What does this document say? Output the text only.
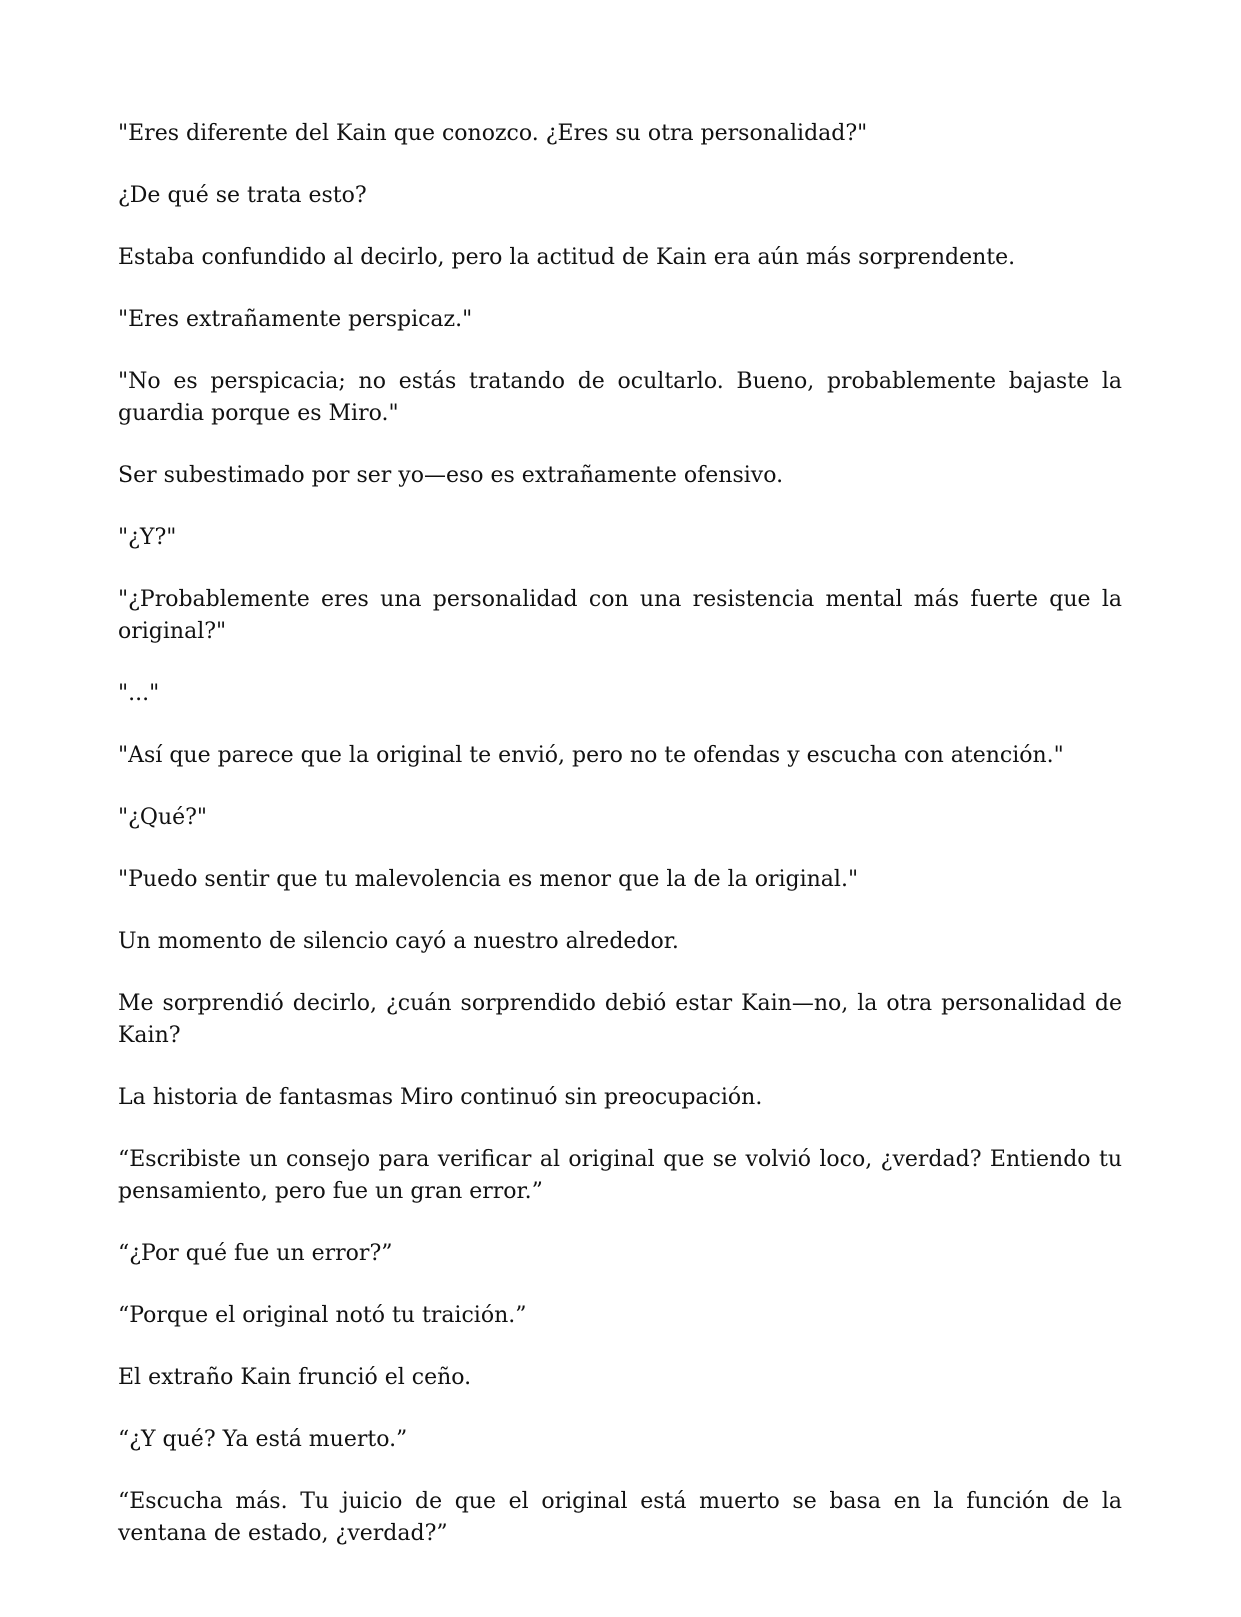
"Eres diferente del Kain que conozco. ¿Eres su otra personalidad?"

¿De qué se trata esto?

Estaba confundido al decirlo, pero la actitud de Kain era aún más sorprendente.

"Eres extrañamente perspicaz."

"No es perspicacia; no estás tratando de ocultarlo. Bueno, probablemente bajaste la guardia porque es Miro."

Ser subestimado por ser yo—eso es extrañamente ofensivo.

"¿Y?"

"¿Probablemente eres una personalidad con una resistencia mental más fuerte que la original?"

"..."

"Así que parece que la original te envió, pero no te ofendas y escucha con atención."

"¿Qué?"

"Puedo sentir que tu malevolencia es menor que la de la original."

Un momento de silencio cayó a nuestro alrededor.

Me sorprendió decirlo, ¿cuán sorprendido debió estar Kain—no, la otra personalidad de Kain?

La historia de fantasmas Miro continuó sin preocupación.

“Escribiste un consejo para verificar al original que se volvió loco, ¿verdad? Entiendo tu pensamiento, pero fue un gran error.”

“¿Por qué fue un error?”

“Porque el original notó tu traición.”

El extraño Kain frunció el ceño.

“¿Y qué? Ya está muerto.”

“Escucha más. Tu juicio de que el original está muerto se basa en la función de la ventana de estado, ¿verdad?”
